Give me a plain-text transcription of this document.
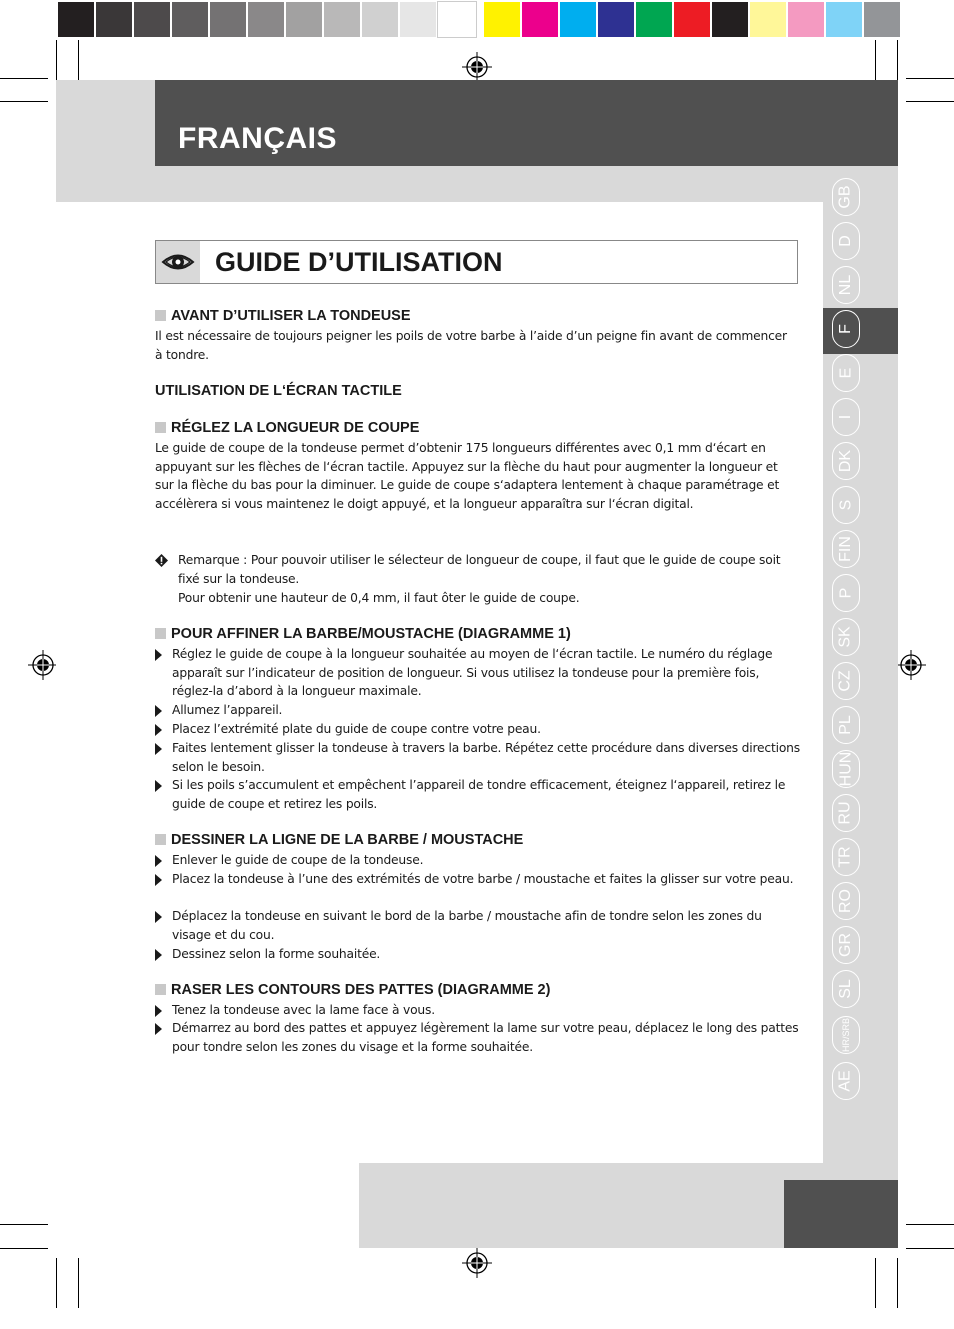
FRANÇAIS
GB
D
NL
F
E
I
DK
S
FIN
P
SK
CZ
PL
HUN
RU
TR
RO
GR
SL
HR/SRB
AE
GUIDE D’UTILISATION
AVANT D’UTILISER LA TONDEUSE
Il est nécessaire de toujours peigner les poils de votre barbe à l’aide d’un peigne fin avant de commencer à tondre.
UTILISATION DE L‘ÉCRAN TACTILE
RÉGLEZ LA LONGUEUR DE COUPE
Le guide de coupe de la tondeuse permet d’obtenir 175 longueurs différentes avec 0,1 mm d‘écart en appuyant sur les flèches de l‘écran tactile. Appuyez sur la flèche du haut pour augmenter la longueur et sur la flèche du bas pour la diminuer. Le guide de coupe s‘adaptera lentement à chaque paramétrage et accélèrera si vous maintenez le doigt appuyé, et la longueur apparaîtra sur l‘écran digital.
Remarque : Pour pouvoir utiliser le sélecteur de longueur de coupe, il faut que le guide de coupe soit fixé sur la tondeuse.
Pour obtenir une hauteur de 0,4 mm, il faut ôter le guide de coupe.
POUR AFFINER LA BARBE/MOUSTACHE (DIAGRAMME 1)
Réglez le guide de coupe à la longueur souhaitée au moyen de l‘écran tactile. Le numéro du réglage apparaît sur l’indicateur de position de longueur. Si vous utilisez la tondeuse pour la première fois, réglez-la d’abord à la longueur maximale.
Allumez l’appareil.
Placez l’extrémité plate du guide de coupe contre votre peau.
Faites lentement glisser la tondeuse à travers la barbe. Répétez cette procédure dans diverses directions selon le besoin.
Si les poils s’accumulent et empêchent l’appareil de tondre efficacement, éteignez l‘appareil, retirez le guide de coupe et retirez les poils.
DESSINER LA LIGNE DE LA BARBE / MOUSTACHE
Enlever le guide de coupe de la tondeuse.
Placez la tondeuse à l’une des extrémités de votre barbe / moustache et faites la glisser sur votre peau.
Déplacez la tondeuse en suivant le bord de la barbe / moustache afin de tondre selon les zones du visage et du cou.
Dessinez selon la forme souhaitée.
RASER LES CONTOURS DES PATTES (DIAGRAMME 2)
Tenez la tondeuse avec la lame face à vous.
Démarrez au bord des pattes et appuyez légèrement la lame sur votre peau, déplacez le long des pattes pour tondre selon les zones du visage et la forme souhaitée.
